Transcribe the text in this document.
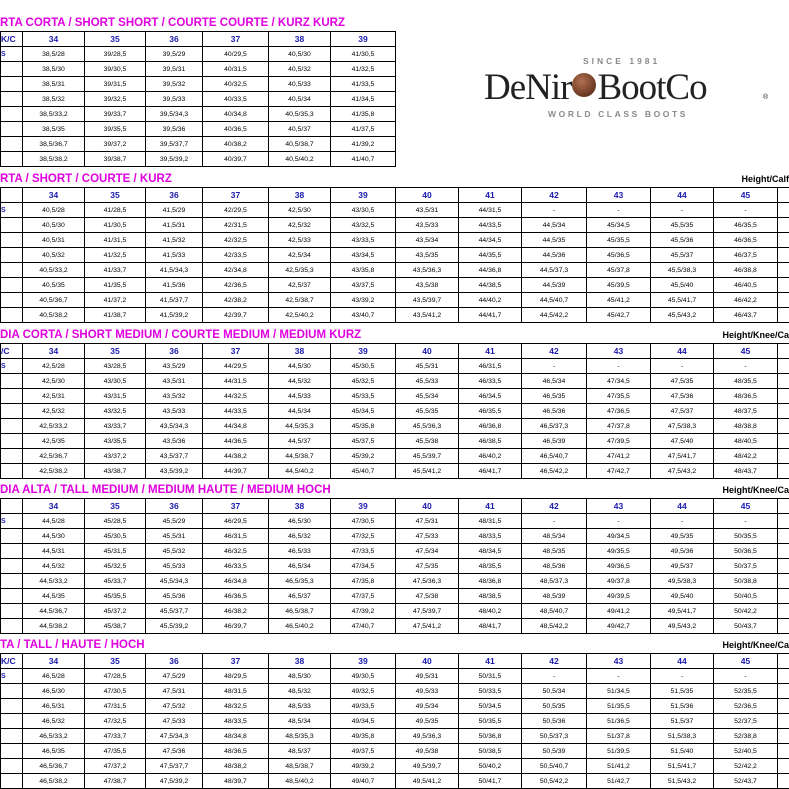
SINCE 1981
DeNir BootCo	®
WORLD CLASS BOOTS
RTA CORTA / SHORT SHORT / COURTE COURTE / KURZ KURZ
K/C	34	35	36	37	38	39
S	38,5/28	39/28,5	39,5/29	40/29,5	40,5/30	41/30,5
	38,5/30	39/30,5	39,5/31	40/31,5	40,5/32	41/32,5
	38,5/31	39/31,5	39,5/32	40/32,5	40,5/33	41/33,5
	38,5/32	39/32,5	39,5/33	40/33,5	40,5/34	41/34,5
	38,5/33,2	39/33,7	39,5/34,3	40/34,8	40,5/35,3	41/35,8
	38,5/35	39/35,5	39,5/36	40/36,5	40,5/37	41/37,5
	38,5/36,7	39/37,2	39,5/37,7	40/38,2	40,5/38,7	41/39,2
	38,5/38,2	39/38,7	39,5/39,2	40/39,7	40,5/40,2	41/40,7
RTA / SHORT / COURTE / KURZ	Height/Calf
	34	35	36	37	38	39	40	41	42	43	44	45	
S	40,5/28	41/28,5	41,5/29	42/29,5	42,5/30	43/30,5	43,5/31	44/31,5	-	-	-	-	
	40,5/30	41/30,5	41,5/31	42/31,5	42,5/32	43/32,5	43,5/33	44/33,5	44,5/34	45/34,5	45,5/35	46/35,5	
	40,5/31	41/31,5	41,5/32	42/32,5	42,5/33	43/33,5	43,5/34	44/34,5	44,5/35	45/35,5	45,5/36	46/36,5	
	40,5/32	41/32,5	41,5/33	42/33,5	42,5/34	43/34,5	43,5/35	44/35,5	44,5/36	45/36,5	45,5/37	46/37,5	
	40,5/33,2	41/33,7	41,5/34,3	42/34,8	42,5/35,3	43/35,8	43,5/36,3	44/36,8	44,5/37,3	45/37,8	45,5/38,3	46/38,8	
	40,5/35	41/35,5	41,5/36	42/36,5	42,5/37	43/37,5	43,5/38	44/38,5	44,5/39	45/39,5	45,5/40	46/40,5	
	40,5/36,7	41/37,2	41,5/37,7	42/38,2	42,5/38,7	43/39,2	43,5/39,7	44/40,2	44,5/40,7	45/41,2	45,5/41,7	46/42,2	
	40,5/38,2	41/38,7	41,5/39,2	42/39,7	42,5/40,2	43/40,7	43,5/41,2	44/41,7	44,5/42,2	45/42,7	45,5/43,2	46/43,7	
DIA CORTA / SHORT MEDIUM / COURTE MEDIUM / MEDIUM KURZ	Height/Knee/Ca
/C	34	35	36	37	38	39	40	41	42	43	44	45	
S	42,5/28	43/28,5	43,5/29	44/29,5	44,5/30	45/30,5	45,5/31	46/31,5	-	-	-	-	
	42,5/30	43/30,5	43,5/31	44/31,5	44,5/32	45/32,5	45,5/33	46/33,5	46,5/34	47/34,5	47,5/35	48/35,5	
	42,5/31	43/31,5	43,5/32	44/32,5	44,5/33	45/33,5	45,5/34	46/34,5	46,5/35	47/35,5	47,5/36	48/36,5	
	42,5/32	43/32,5	43,5/33	44/33,5	44,5/34	45/34,5	45,5/35	46/35,5	46,5/36	47/36,5	47,5/37	48/37,5	
	42,5/33,2	43/33,7	43,5/34,3	44/34,8	44,5/35,3	45/35,8	45,5/36,3	46/36,8	46,5/37,3	47/37,8	47,5/38,3	48/38,8	
	42,5/35	43/35,5	43,5/36	44/36,5	44,5/37	45/37,5	45,5/38	46/38,5	46,5/39	47/39,5	47,5/40	48/40,5	
	42,5/36,7	43/37,2	43,5/37,7	44/38,2	44,5/38,7	45/39,2	45,5/39,7	46/40,2	46,5/40,7	47/41,2	47,5/41,7	48/42,2	
	42,5/38,2	43/38,7	43,5/39,2	44/39,7	44,5/40,2	45/40,7	45,5/41,2	46/41,7	46,5/42,2	47/42,7	47,5/43,2	48/43,7	
DIA ALTA / TALL MEDIUM / MEDIUM HAUTE / MEDIUM HOCH	Height/Knee/Ca
	34	35	36	37	38	39	40	41	42	43	44	45	
S	44,5/28	45/28,5	45,5/29	46/29,5	46,5/30	47/30,5	47,5/31	48/31,5	-	-	-	-	
	44,5/30	45/30,5	45,5/31	46/31,5	46,5/32	47/32,5	47,5/33	48/33,5	48,5/34	49/34,5	49,5/35	50/35,5	
	44,5/31	45/31,5	45,5/32	46/32,5	46,5/33	47/33,5	47,5/34	48/34,5	48,5/35	49/35,5	49,5/36	50/36,5	
	44,5/32	45/32,5	45,5/33	46/33,5	46,5/34	47/34,5	47,5/35	48/35,5	48,5/36	49/36,5	49,5/37	50/37,5	
	44,5/33,2	45/33,7	45,5/34,3	46/34,8	46,5/35,3	47/35,8	47,5/36,3	48/36,8	48,5/37,3	49/37,8	49,5/38,3	50/38,8	
	44,5/35	45/35,5	45,5/36	46/36,5	46,5/37	47/37,5	47,5/38	48/38,5	48,5/39	49/39,5	49,5/40	50/40,5	
	44,5/36,7	45/37,2	45,5/37,7	46/38,2	46,5/38,7	47/39,2	47,5/39,7	48/40,2	48,5/40,7	49/41,2	49,5/41,7	50/42,2	
	44,5/38,2	45/38,7	45,5/39,2	46/39,7	46,5/40,2	47/40,7	47,5/41,2	48/41,7	48,5/42,2	49/42,7	49,5/43,2	50/43,7	
TA / TALL / HAUTE / HOCH	Height/Knee/Ca
K/C	34	35	36	37	38	39	40	41	42	43	44	45	
S	46,5/28	47/28,5	47,5/29	48/29,5	48,5/30	49/30,5	49,5/31	50/31,5	-	-	-	-	
	46,5/30	47/30,5	47,5/31	48/31,5	48,5/32	49/32,5	49,5/33	50/33,5	50,5/34	51/34,5	51,5/35	52/35,5	
	46,5/31	47/31,5	47,5/32	48/32,5	48,5/33	49/33,5	49,5/34	50/34,5	50,5/35	51/35,5	51,5/36	52/36,5	
	46,5/32	47/32,5	47,5/33	48/33,5	48,5/34	49/34,5	49,5/35	50/35,5	50,5/36	51/36,5	51,5/37	52/37,5	
	46,5/33,2	47/33,7	47,5/34,3	48/34,8	48,5/35,3	49/35,8	49,5/36,3	50/36,8	50,5/37,3	51/37,8	51,5/38,3	52/38,8	
	46,5/35	47/35,5	47,5/36	48/36,5	48,5/37	49/37,5	49,5/38	50/38,5	50,5/39	51/39,5	51,5/40	52/40,5	
	46,5/36,7	47/37,2	47,5/37,7	48/38,2	48,5/38,7	49/39,2	49,5/39,7	50/40,2	50,5/40,7	51/41,2	51,5/41,7	52/42,2	
	46,5/38,2	47/38,7	47,5/39,2	48/39,7	48,5/40,2	49/40,7	49,5/41,2	50/41,7	50,5/42,2	51/42,7	51,5/43,2	52/43,7	
